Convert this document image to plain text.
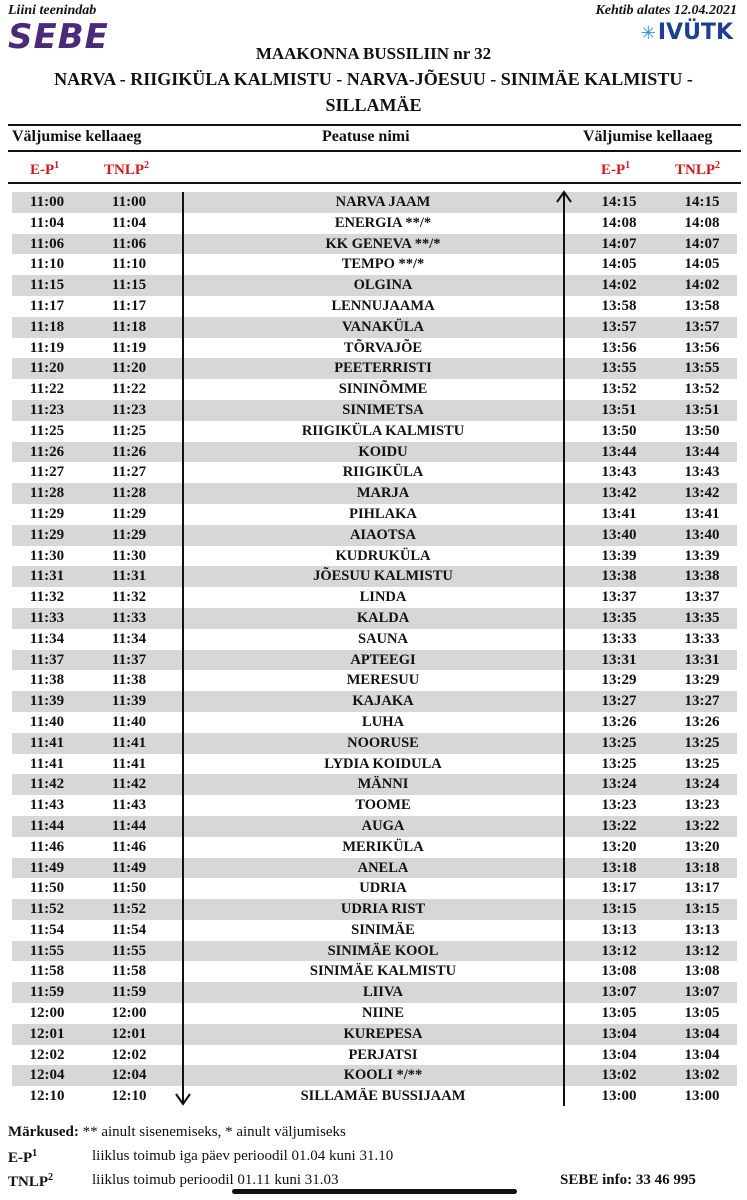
Liini teenindab	Kehtib alates 12.04.2021
SEBE	✳IVÜTK
MAAKONNA BUSSILIIN nr 32
NARVA - RIIGIKÜLA KALMISTU - NARVA-JÕESUU - SINIMÄE KALMISTU - SILLAMÄE
Väljumise kellaaeg	Peatuse nimi	Väljumise kellaaeg
$E-P^1$	TNLP$^2$	$E-P^1$	TNLP$^2$
11:00	11:00	NARVA JAAM	14:15	14:15
11:04	11:04	ENERGIA **/*	14:08	14:08
11:06	11:06	KK GENEVA **/*	14:07	14:07
11:10	11:10	TEMPO **/*	14:05	14:05
11:15	11:15	OLGINA	14:02	14:02
11:17	11:17	LENNUJAAMA	13:58	13:58
11:18	11:18	VANAKÜLA	13:57	13:57
11:19	11:19	TÕRVAJÕE	13:56	13:56
11:20	11:20	PEETERRISTI	13:55	13:55
11:22	11:22	SININÕMME	13:52	13:52
11:23	11:23	SINIMETSA	13:51	13:51
11:25	11:25	RIIGIKÜLA KALMISTU	13:50	13:50
11:26	11:26	KOIDU	13:44	13:44
11:27	11:27	RIIGIKÜLA	13:43	13:43
11:28	11:28	MARJA	13:42	13:42
11:29	11:29	PIHLAKA	13:41	13:41
11:29	11:29	AIAOTSA	13:40	13:40
11:30	11:30	KUDRUKÜLA	13:39	13:39
11:31	11:31	JÕESUU KALMISTU	13:38	13:38
11:32	11:32	LINDA	13:37	13:37
11:33	11:33	KALDA	13:35	13:35
11:34	11:34	SAUNA	13:33	13:33
11:37	11:37	APTEEGI	13:31	13:31
11:38	11:38	MERESUU	13:29	13:29
11:39	11:39	KAJAKA	13:27	13:27
11:40	11:40	LUHA	13:26	13:26
11:41	11:41	NOORUSE	13:25	13:25
11:41	11:41	LYDIA KOIDULA	13:25	13:25
11:42	11:42	MÄNNI	13:24	13:24
11:43	11:43	TOOME	13:23	13:23
11:44	11:44	AUGA	13:22	13:22
11:46	11:46	MERIKÜLA	13:20	13:20
11:49	11:49	ANELA	13:18	13:18
11:50	11:50	UDRIA	13:17	13:17
11:52	11:52	UDRIA RIST	13:15	13:15
11:54	11:54	SINIMÄE	13:13	13:13
11:55	11:55	SINIMÄE KOOL	13:12	13:12
11:58	11:58	SINIMÄE KALMISTU	13:08	13:08
11:59	11:59	LIIVA	13:07	13:07
12:00	12:00	NIINE	13:05	13:05
12:01	12:01	KUREPESA	13:04	13:04
12:02	12:02	PERJATSI	13:04	13:04
12:04	12:04	KOOLI */**	13:02	13:02
12:10	12:10	SILLAMÄE BUSSIJAAM	13:00	13:00
Märkused: ** ainult sisenemiseks, * ainult väljumiseks
$E-P^1$	liiklus toimub iga päev perioodil 01.04 kuni 31.10
TNLP$^2$	liiklus toimub perioodil 01.11 kuni 31.03	SEBE info: 33 46 995
